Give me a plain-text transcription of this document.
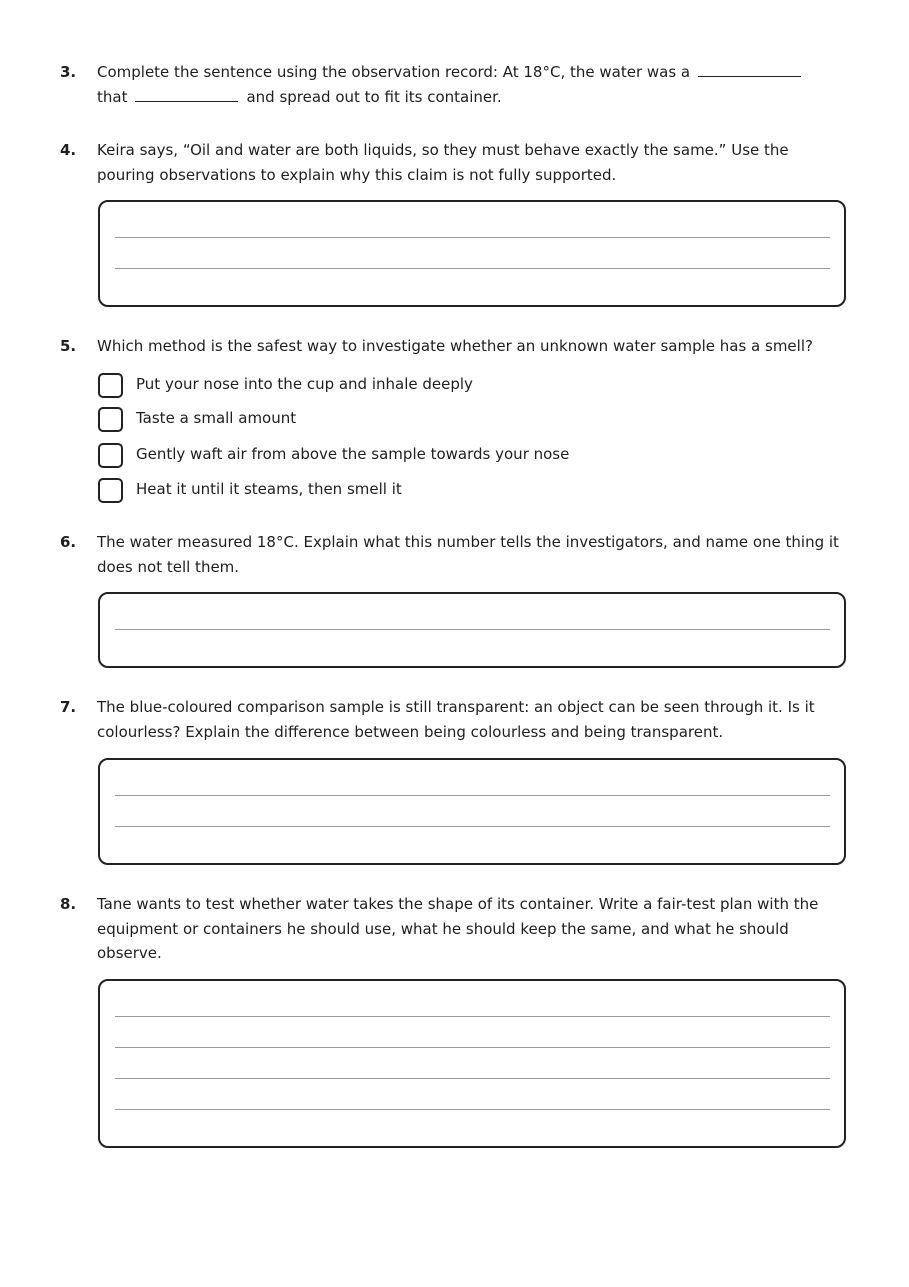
3. Complete the sentence using the observation record: At 18°C, the water was a
that	and spread out to fit its container.

4. Keira says, “Oil and water are both liquids, so they must behave exactly the same.” Use the pouring observations to explain why this claim is not fully supported.

5. Which method is the safest way to investigate whether an unknown water sample has a smell?

Put your nose into the cup and inhale deeply
Taste a small amount
Gently waft air from above the sample towards your nose
Heat it until it steams, then smell it
6. The water measured 18°C. Explain what this number tells the investigators, and name one thing it does not tell them.

7. The blue-coloured comparison sample is still transparent: an object can be seen through it. Is it colourless? Explain the difference between being colourless and being transparent.

8. Tane wants to test whether water takes the shape of its container. Write a fair-test plan with the equipment or containers he should use, what he should keep the same, and what he should observe.
